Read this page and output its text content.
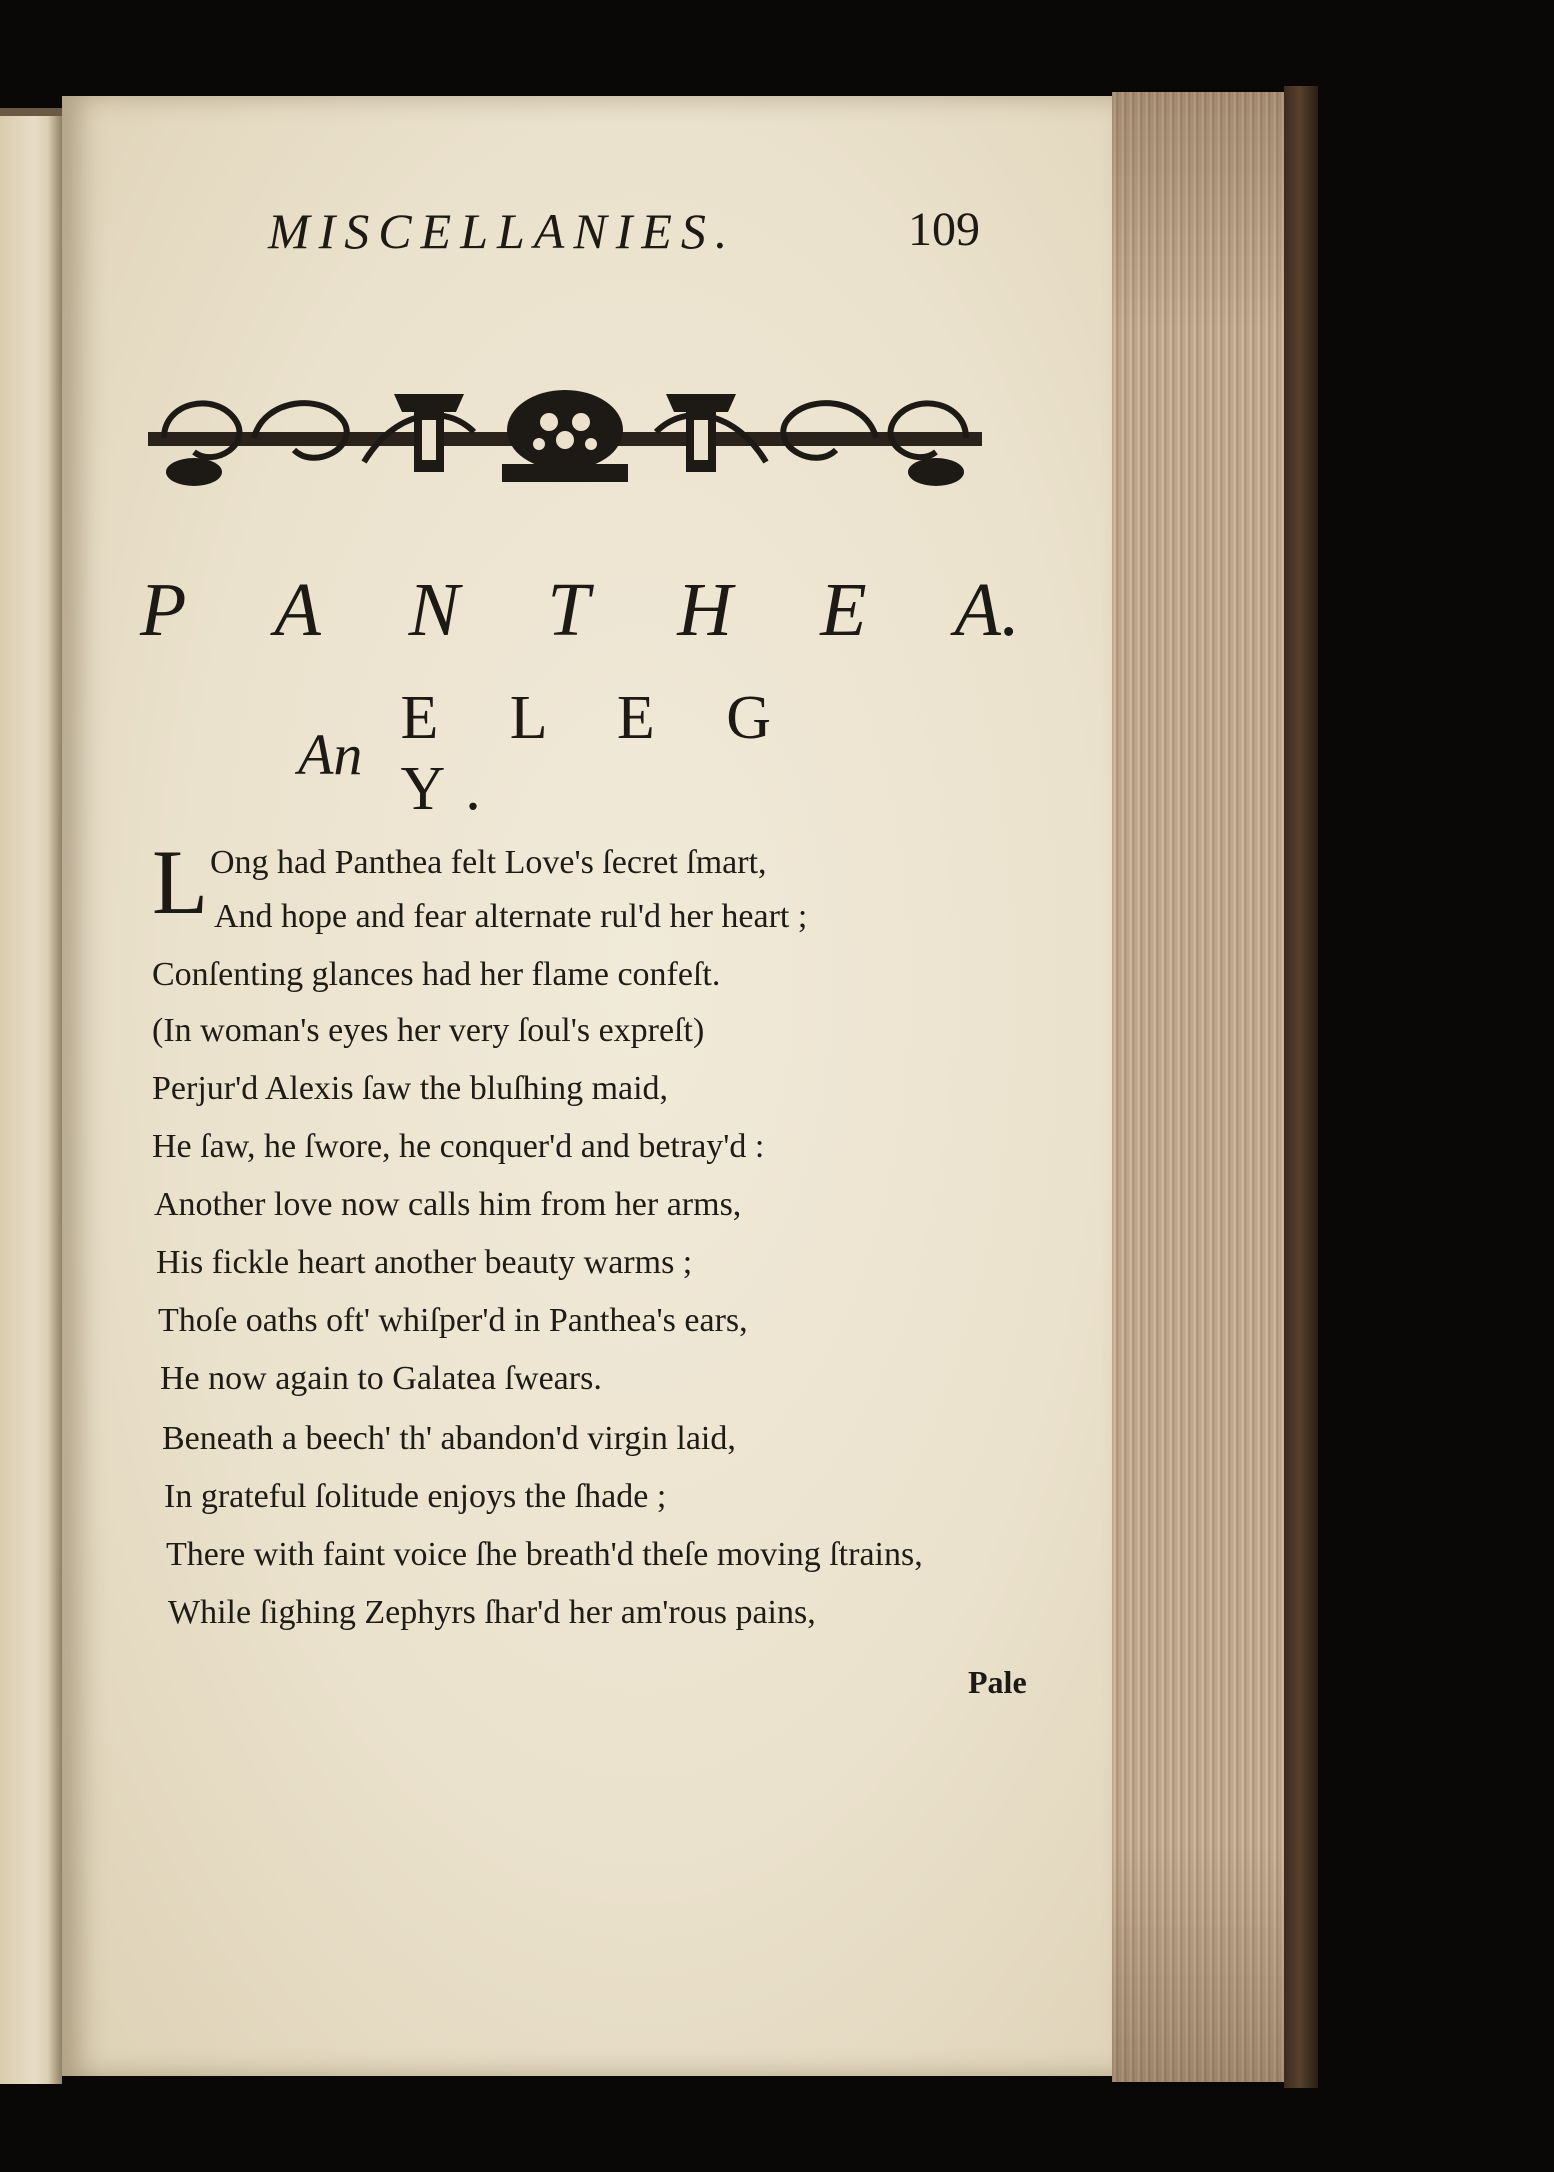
MISCELLANIES.	109
P A N T H E A.
An
E L E G Y.
L Ong had Panthea felt Love's ſecret ſmart,
And hope and fear alternate rul'd her heart ;
Conſenting glances had her flame confeſt.
(In woman's eyes her very ſoul's expreſt)
Perjur'd Alexis ſaw the bluſhing maid,
He ſaw, he ſwore, he conquer'd and betray'd :
Another love now calls him from her arms,
His fickle heart another beauty warms ;
Thoſe oaths oft' whiſper'd in Panthea's ears,
He now again to Galatea ſwears.
Beneath a beech' th' abandon'd virgin laid,
In grateful ſolitude enjoys the ſhade ;
There with faint voice ſhe breath'd theſe moving ſtrains,
While ſighing Zephyrs ſhar'd her am'rous pains,
Pale
